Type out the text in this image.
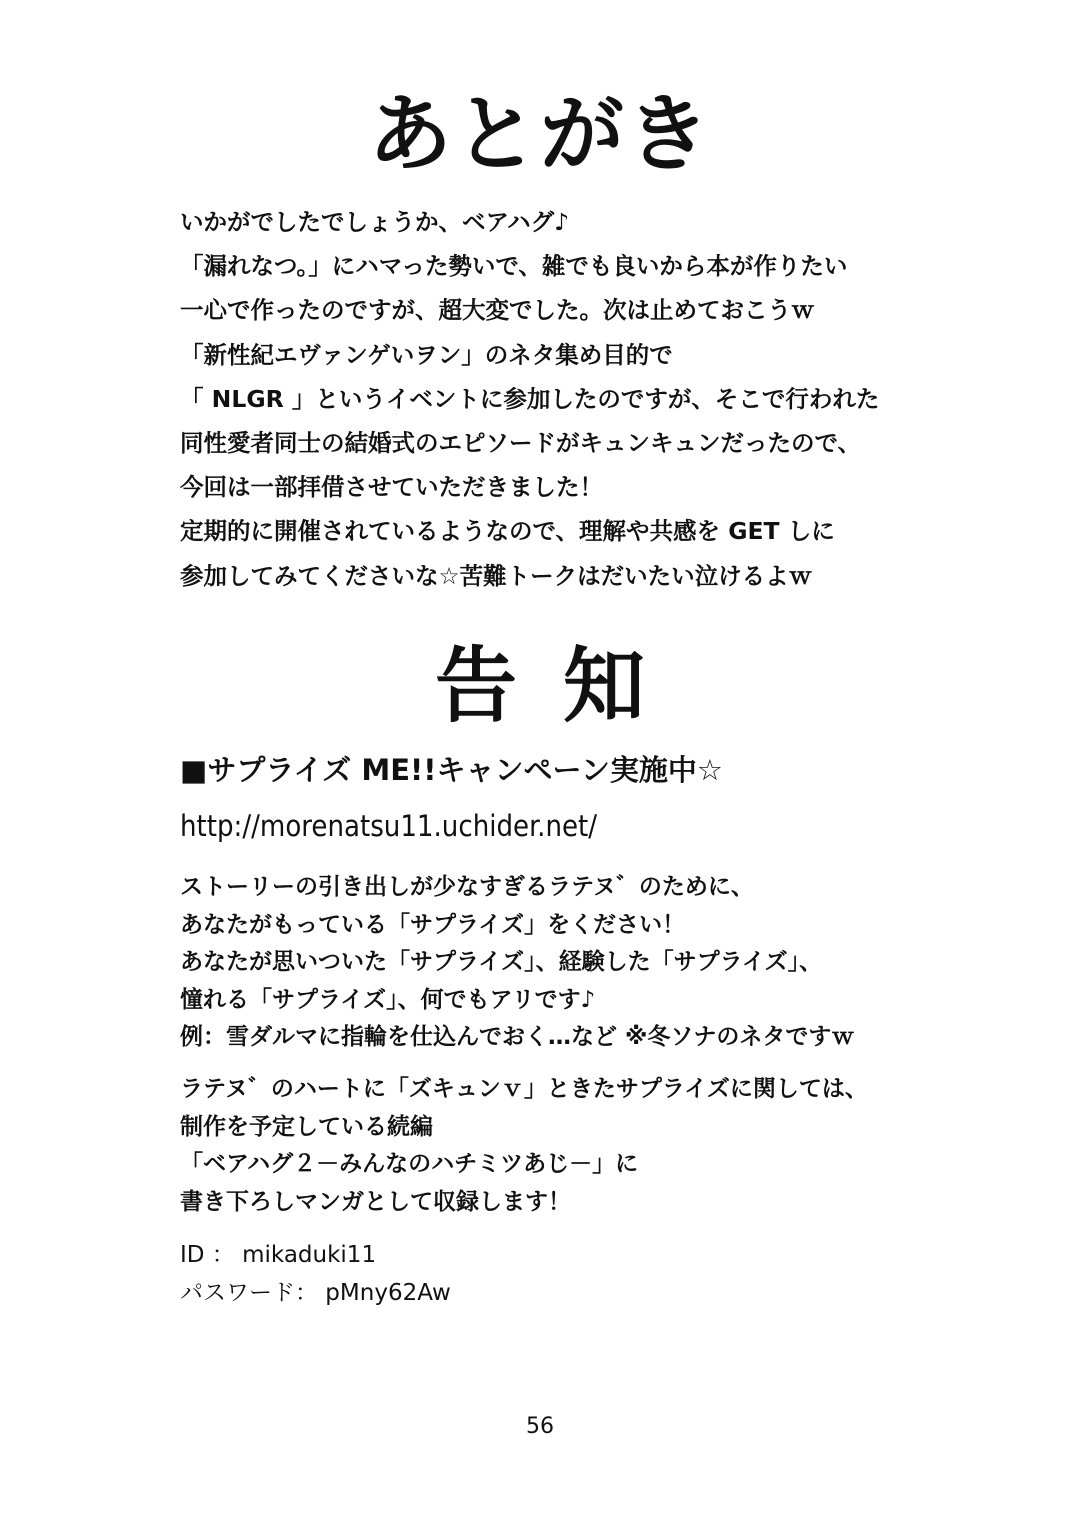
あとがき
いかがでしたでしょうか、ベアハグ♪
「漏れなつ。」にハマった勢いで、雑でも良いから本が作りたい
一心で作ったのですが、超大変でした。次は止めておこうｗ
「新性紀エヴァンゲいヲン」のネタ集め目的で
「 NLGR 」というイベントに参加したのですが、そこで行われた
同性愛者同士の結婚式のエピソードがキュンキュンだったので、
今回は一部拝借させていただきました！
定期的に開催されているようなので、理解や共感を GET しに
参加してみてくださいな☆苦難トークはだいたい泣けるよｗ
告知
■サプライズ ME!!キャンペーン実施中☆
http://morenatsu11.uchider.net/
ストーリーの引き出しが少なすぎるラテヌ゛のために、
あなたがもっている「サプライズ」をください！
あなたが思いついた「サプライズ」、経験した「サプライズ」、
憧れる「サプライズ」、何でもアリです♪
例：雪ダルマに指輪を仕込んでおく…など ※冬ソナのネタですｗ
ラテヌ゛のハートに「ズキュンｖ」ときたサプライズに関しては、
制作を予定している続編
「ベアハグ２－みんなのハチミツあじ－」に
書き下ろしマンガとして収録します！
ID ： mikaduki11
パスワード： pMny62Aw
56
